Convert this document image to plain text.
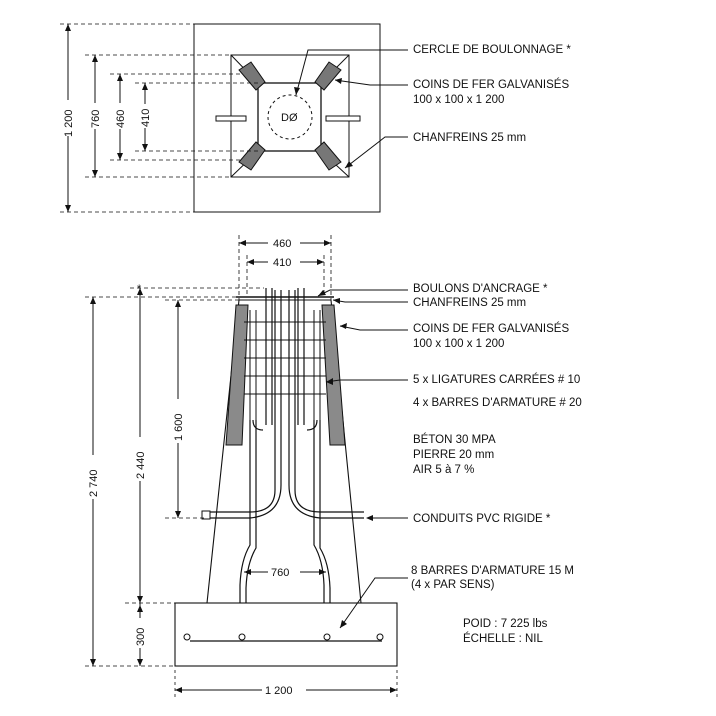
DØ
1 200 760 460 410
460
410
760
2 740
2 440
1 600
300
*
1 200
CERCLE DE BOULONNAGE *
COINS DE FER GALVANISÉS
100 x 100 x 1 200
CHANFREINS 25 mm
BOULONS D'ANCRAGE *
CHANFREINS 25 mm
COINS DE FER GALVANISÉS
100 x 100 x 1 200
5 x LIGATURES CARRÉES # 10
4 x BARRES D'ARMATURE # 20
BÉTON 30 MPA
PIERRE 20 mm
AIR 5 à 7 %
CONDUITS PVC RIGIDE *
8 BARRES D'ARMATURE 15 M
(4 x PAR SENS)
POID : 7 225 lbs
ÉCHELLE : NIL
